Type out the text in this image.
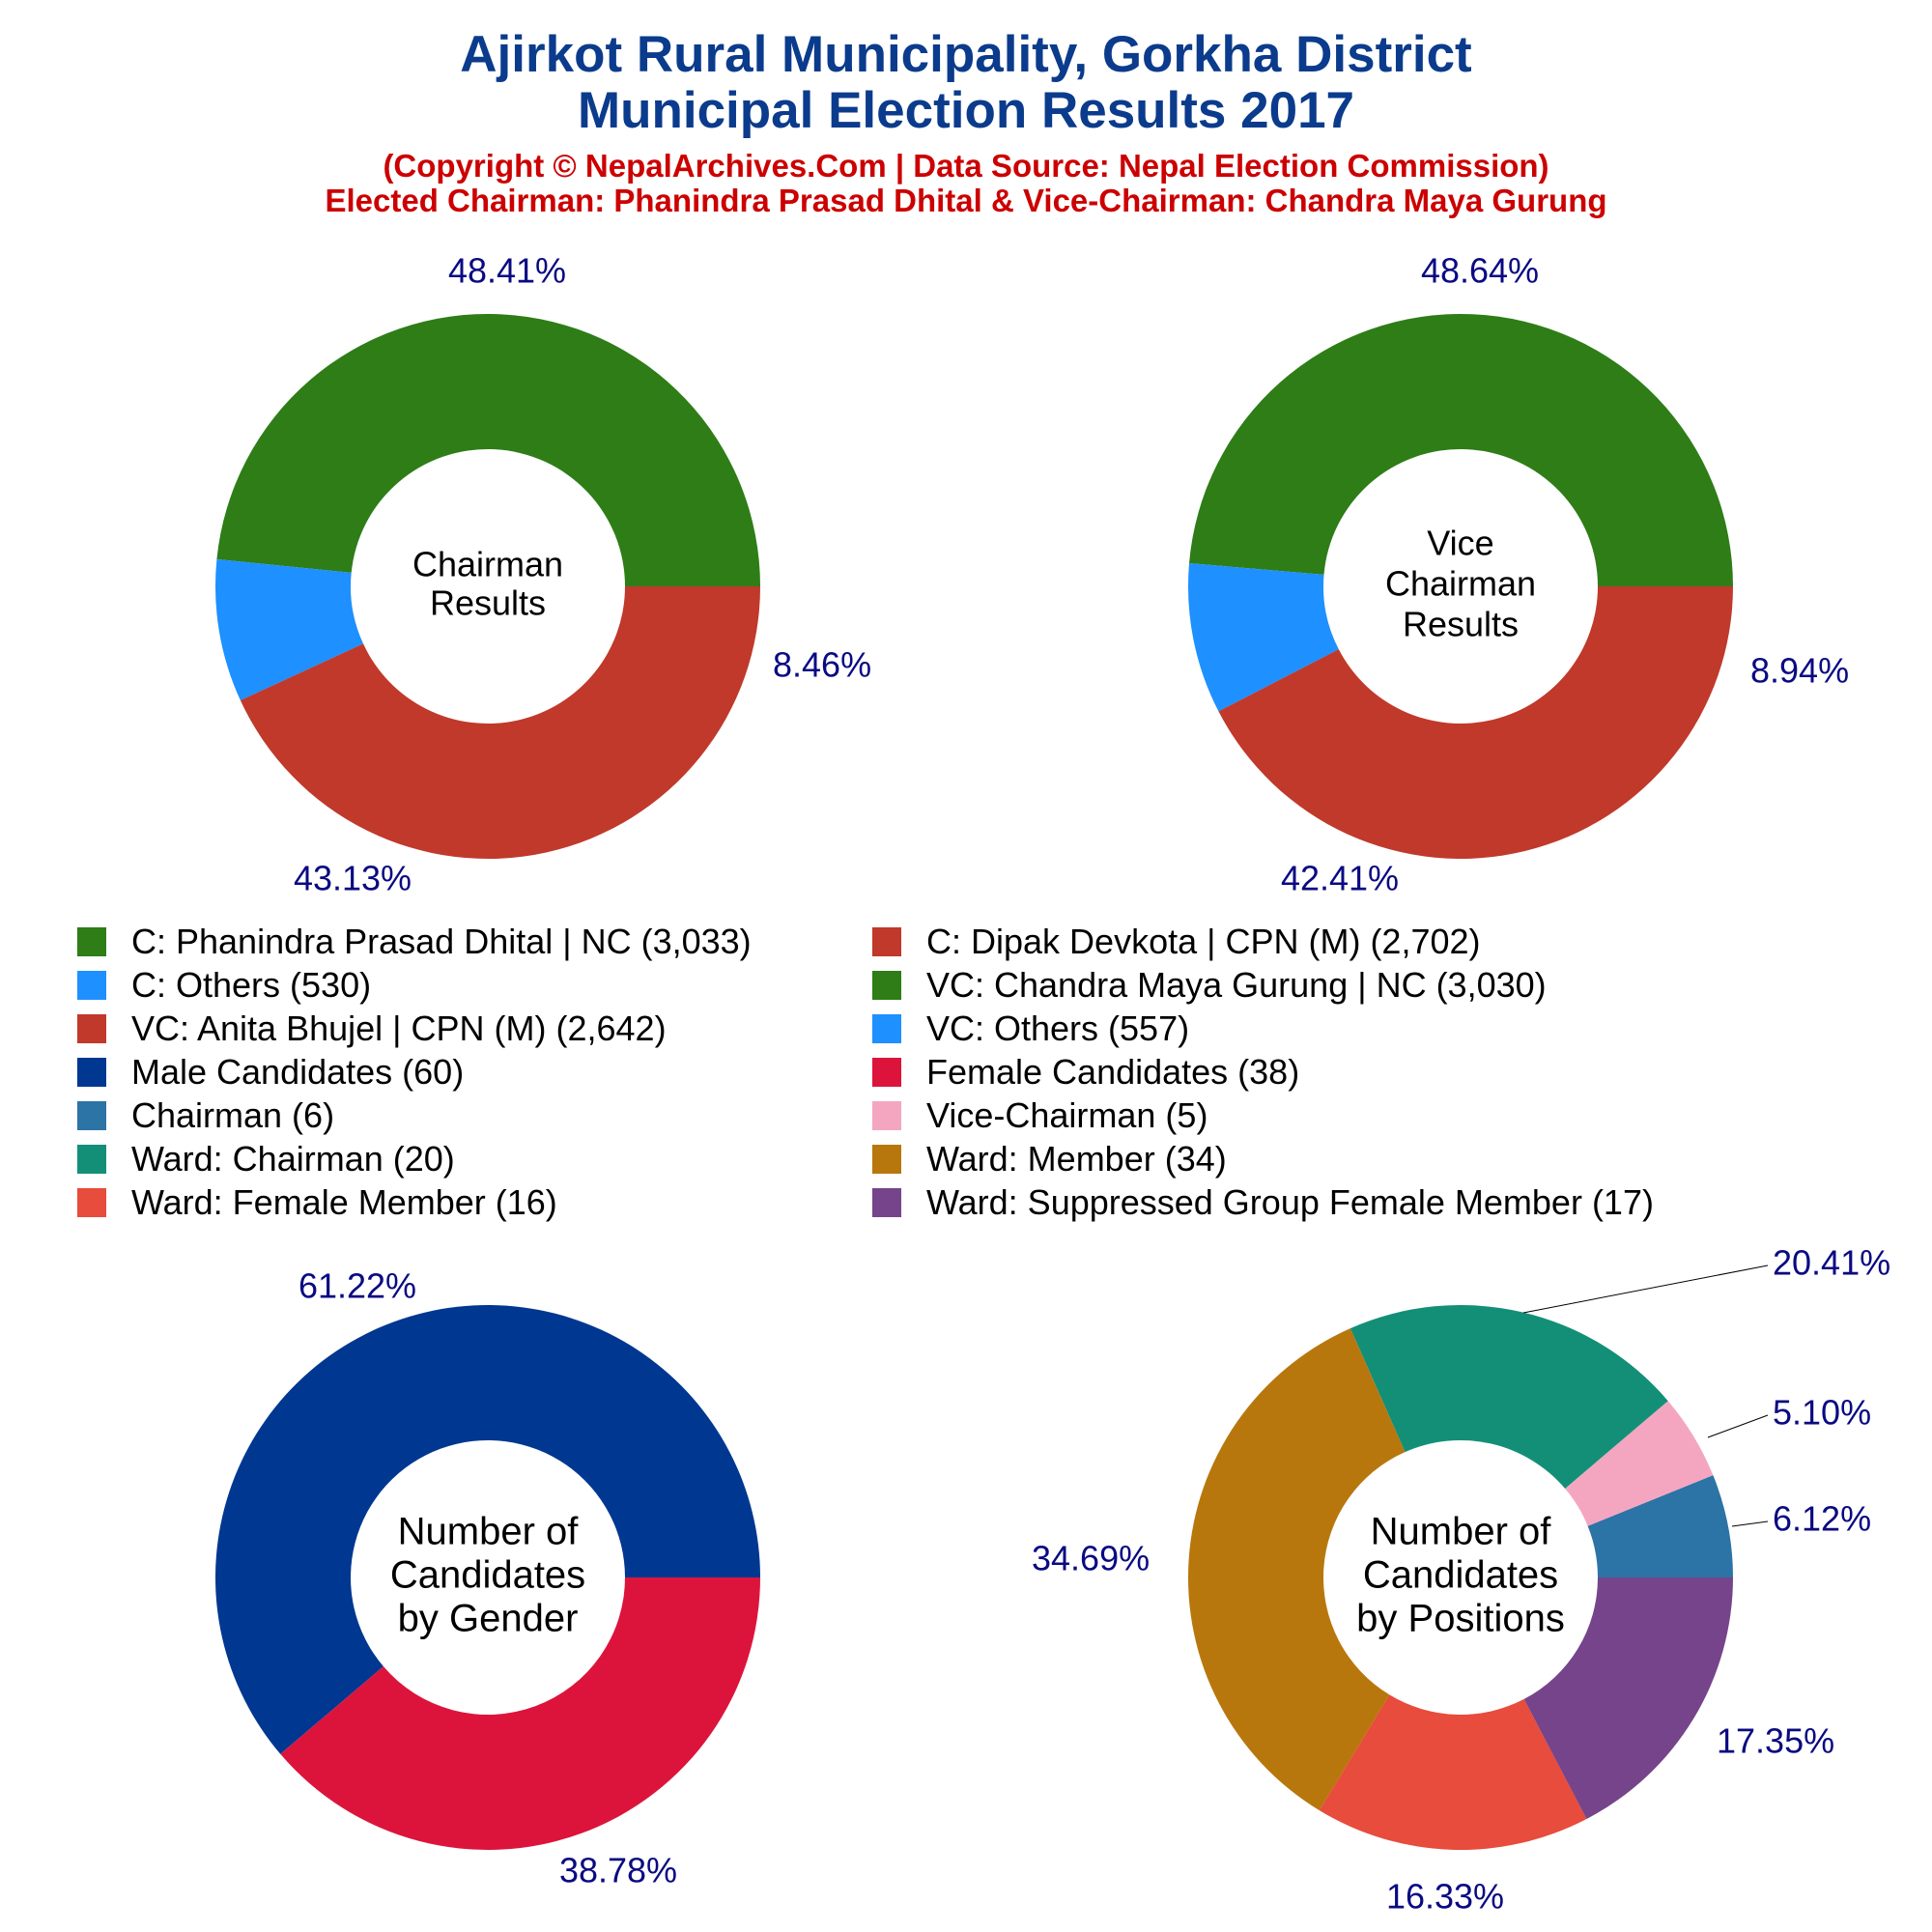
Ajirkot Rural Municipality, Gorkha District
Municipal Election Results 2017
(Copyright © NepalArchives.Com | Data Source: Nepal Election Commission)
Elected Chairman: Phanindra Prasad Dhital & Vice-Chairman: Chandra Maya Gurung
48.41%
8.46%
43.13%
Chairman
Results
48.64%
8.94%
42.41%
Vice
Chairman
Results
61.22%
38.78%
Number of
Candidates
by Gender
6.12%
5.10%
20.41%
34.69%
16.33%
17.35%
Number of
Candidates
by Positions
C: Phanindra Prasad Dhital | NC (3,033)	C: Dipak Devkota | CPN (M) (2,702)
C: Others (530)	VC: Chandra Maya Gurung | NC (3,030)
VC: Anita Bhujel | CPN (M) (2,642)	VC: Others (557)
Male Candidates (60)	Female Candidates (38)
Chairman (6)	Vice-Chairman (5)
Ward: Chairman (20)	Ward: Member (34)
Ward: Female Member (16)	Ward: Suppressed Group Female Member (17)
